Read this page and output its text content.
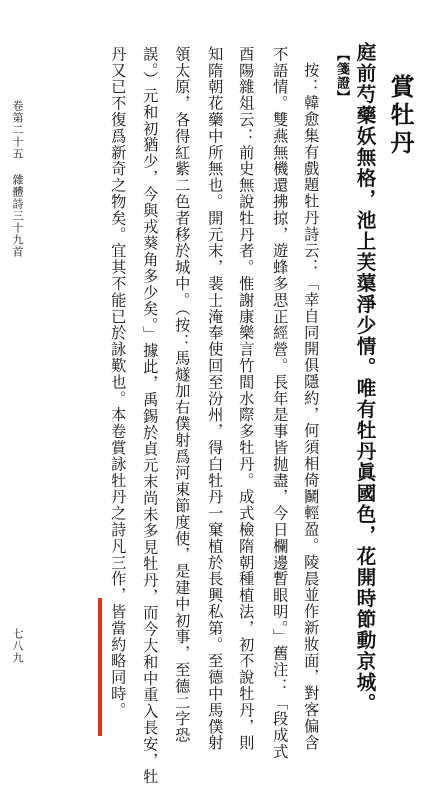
賞牡丹
庭前芍藥妖無格，池上芙蕖淨少情。唯有牡丹眞國色，花開時節動京城。
【箋證】
按：韓愈集有戲題牡丹詩云：「幸自同開俱隱約，何須相倚鬭輕盈。陵晨並作新妝面，對客偏含
不語情。雙燕無機還拂掠，遊蜂多思正經營。長年是事皆抛盡，今日欄邊暫眼明。」舊注：「段成式
酉陽雜俎云：前史無說牡丹者。惟謝康樂言竹間水際多牡丹。成式檢隋朝種植法，初不說牡丹，則
知隋朝花藥中所無也。開元末，裴士淹奉使回至汾州，得白牡丹一窠植於長興私第。至德中馬僕射
領太原，各得紅紫二色者移於城中。（按：馬燧加右僕射爲河東節度使，是建中初事，至德二字恐
誤。）元和初猶少，今與戎葵角多少矣。」據此，禹錫於貞元末尚未多見牡丹，而今大和中重入長安，牡
丹又已不復爲新奇之物矣。宜其不能已於詠歎也。本卷賞詠牡丹之詩凡三作，皆當約略同時。
卷第二十五 雜體詩三十九首
七八九
